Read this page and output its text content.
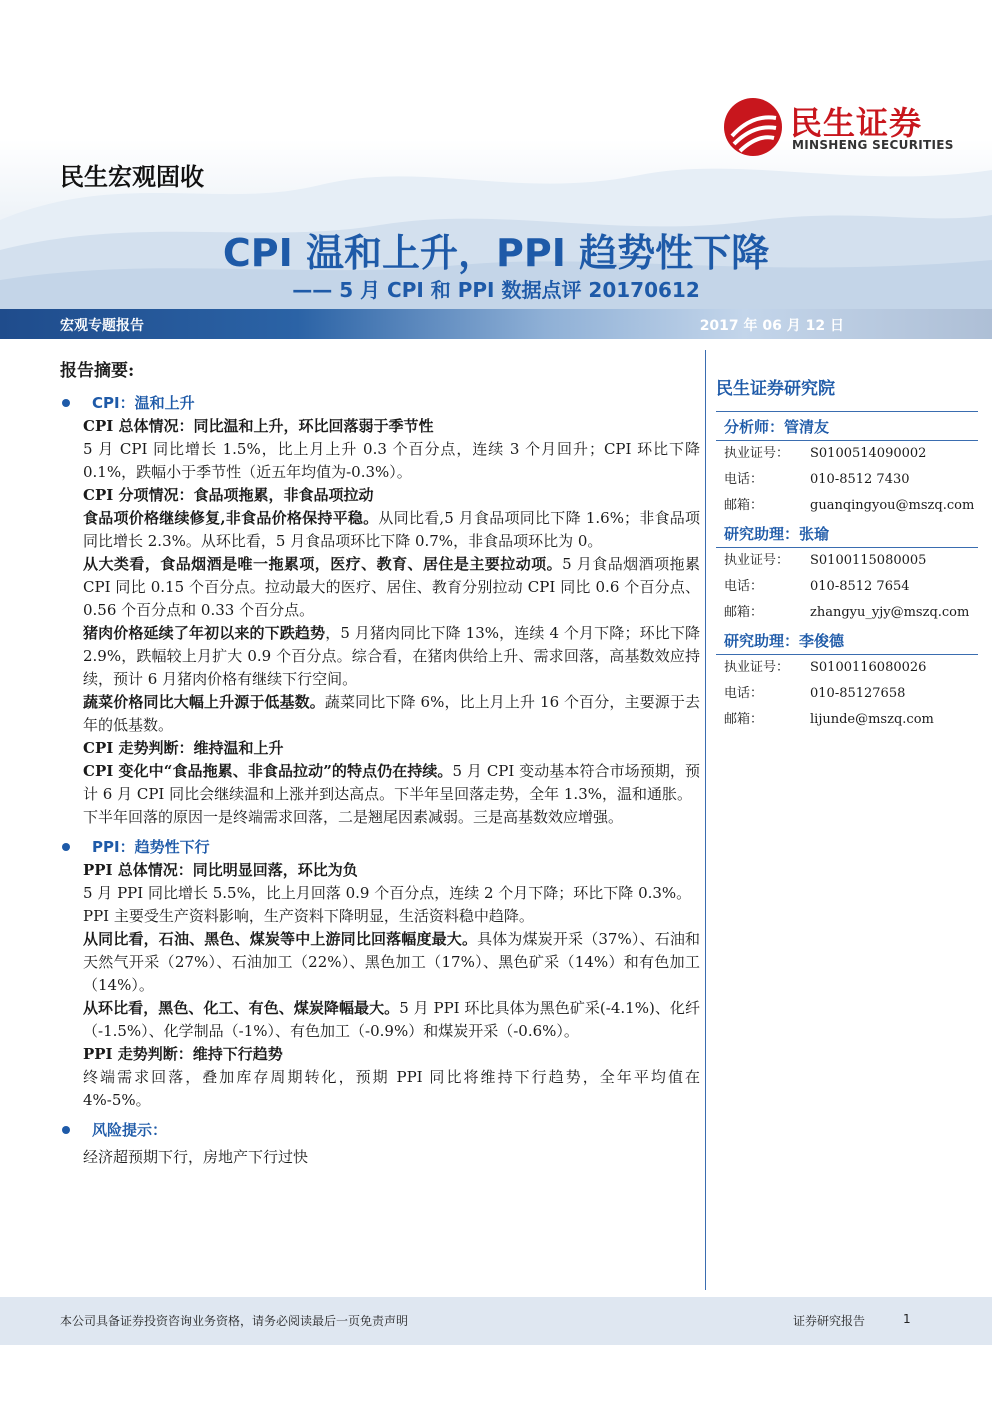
民生宏观固收
民生证券
MINSHENG SECURITIES
CPI 温和上升，PPI 趋势性下降
—— 5 月 CPI 和 PPI 数据点评 20170612
宏观专题报告	2017 年 06 月 12 日
报告摘要:
CPI：温和上升
CPI 总体情况：同比温和上升，环比回落弱于季节性
5 月 CPI 同比增长 1.5%，比上月上升 0.3 个百分点，连续 3 个月回升；CPI 环比下降 0.1%，跌幅小于季节性（近五年均值为-0.3%）。
CPI 分项情况：食品项拖累，非食品项拉动
食品项价格继续修复,非食品价格保持平稳。从同比看,5 月食品项同比下降 1.6%；非食品项同比增长 2.3%。从环比看，5 月食品项环比下降 0.7%，非食品项环比为 0。
从大类看，食品烟酒是唯一拖累项，医疗、教育、居住是主要拉动项。5 月食品烟酒项拖累 CPI 同比 0.15 个百分点。拉动最大的医疗、居住、教育分别拉动 CPI 同比 0.6 个百分点、0.56 个百分点和 0.33 个百分点。
猪肉价格延续了年初以来的下跌趋势，5 月猪肉同比下降 13%，连续 4 个月下降；环比下降 2.9%，跌幅较上月扩大 0.9 个百分点。综合看，在猪肉供给上升、需求回落，高基数效应持续，预计 6 月猪肉价格有继续下行空间。
蔬菜价格同比大幅上升源于低基数。蔬菜同比下降 6%，比上月上升 16 个百分，主要源于去年的低基数。
CPI 走势判断：维持温和上升
CPI 变化中“食品拖累、非食品拉动”的特点仍在持续。5 月 CPI 变动基本符合市场预期，预计 6 月 CPI 同比会继续温和上涨并到达高点。下半年呈回落走势，全年 1.3%，温和通胀。
下半年回落的原因一是终端需求回落，二是翘尾因素减弱。三是高基数效应增强。
PPI：趋势性下行
PPI 总体情况：同比明显回落，环比为负
5 月 PPI 同比增长 5.5%，比上月回落 0.9 个百分点，连续 2 个月下降；环比下降 0.3%。
PPI 主要受生产资料影响，生产资料下降明显，生活资料稳中趋降。
从同比看，石油、黑色、煤炭等中上游同比回落幅度最大。具体为煤炭开采（37%）、石油和天然气开采（27%）、石油加工（22%）、黑色加工（17%）、黑色矿采（14%）和有色加工（14%）。
从环比看，黑色、化工、有色、煤炭降幅最大。5 月 PPI 环比具体为黑色矿采(-4.1%)、化纤（-1.5%）、化学制品（-1%）、有色加工（-0.9%）和煤炭开采（-0.6%）。
PPI 走势判断：维持下行趋势
终端需求回落，叠加库存周期转化，预期 PPI 同比将维持下行趋势，全年平均值在 4%-5%。
风险提示：
经济超预期下行，房地产下行过快
民生证券研究院
分析师：管清友
执业证号： S0100514090002
电话：	010-8512 7430
邮箱：	guanqingyou@mszq.com
研究助理：张瑜
执业证号： S0100115080005
电话：	010-8512 7654
邮箱：	zhangyu_yjy@mszq.com
研究助理：李俊德
执业证号： S0100116080026
电话：	010-85127658
邮箱：	lijunde@mszq.com
本公司具备证券投资咨询业务资格，请务必阅读最后一页免责声明	证券研究报告	1
